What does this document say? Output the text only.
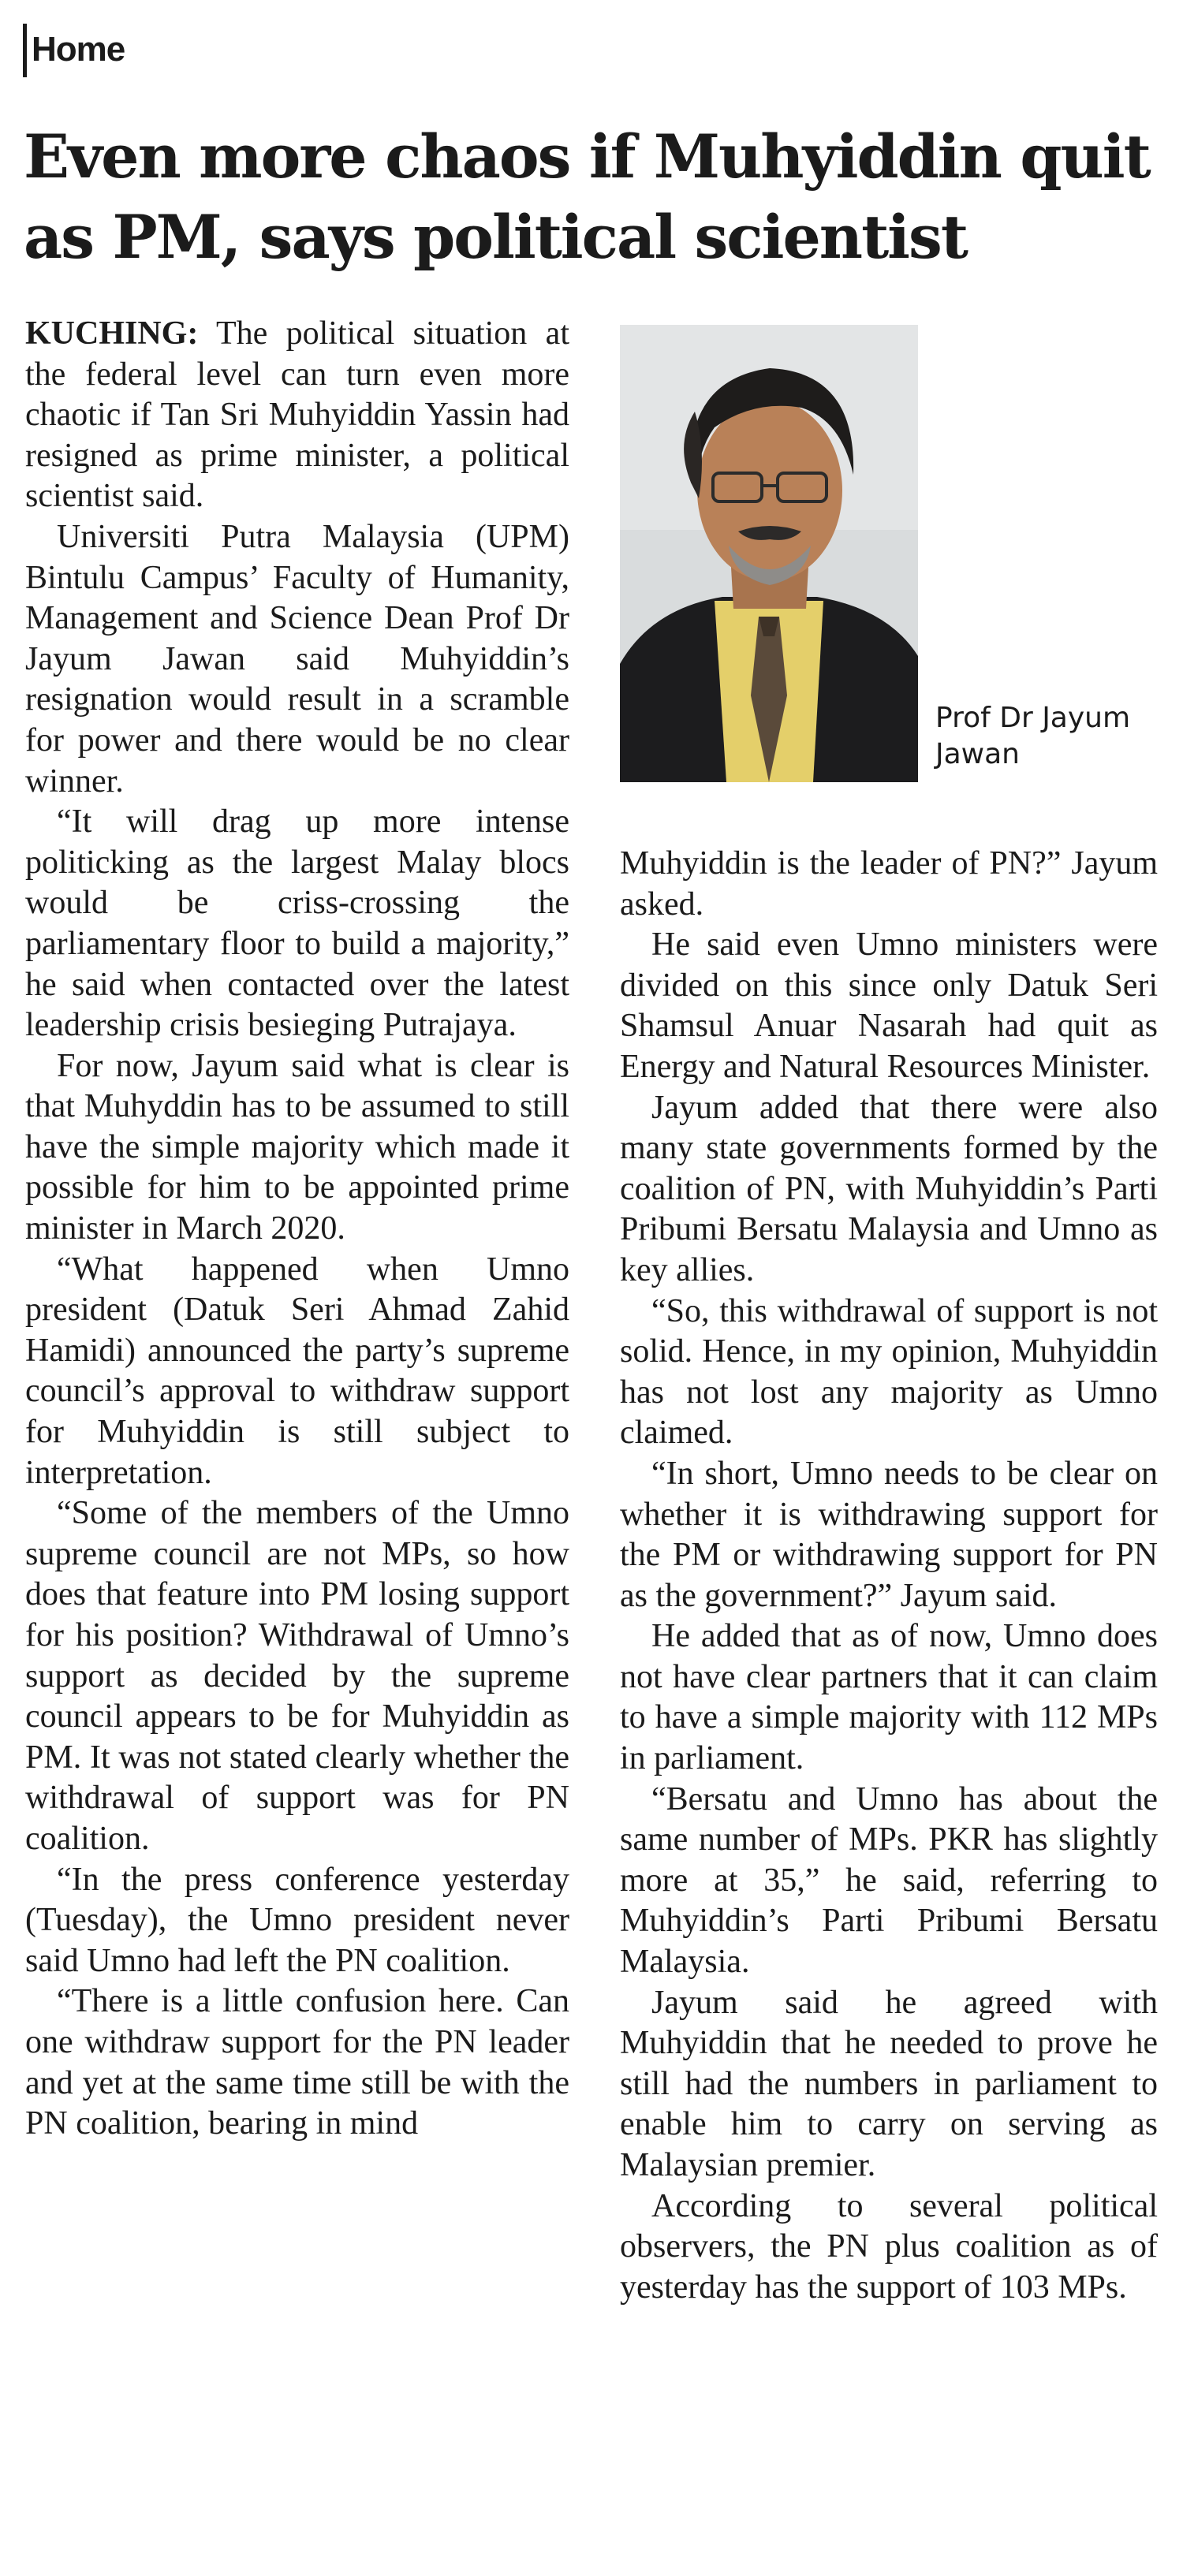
Home
Even more chaos if Muhyiddin quit as PM, says political scientist

KUCHING: The political situation at the federal level can turn even more chaotic if Tan Sri Muhyiddin Yassin had resigned as prime minister, a political scientist said.

Universiti Putra Malaysia (UPM) Bintulu Campus’ Faculty of Humanity, Management and Science Dean Prof Dr Jayum Jawan said Muhyiddin’s resignation would result in a scramble for power and there would be no clear winner.

“It will drag up more intense politicking as the largest Malay blocs would be criss-crossing the parliamentary floor to build a majority,” he said when contacted over the latest leadership crisis besieging Putrajaya.

For now, Jayum said what is clear is that Muhyddin has to be assumed to still have the simple majority which made it possible for him to be appointed prime minister in March 2020.

“What happened when Umno president (Datuk Seri Ahmad Zahid Hamidi) announced the party’s supreme council’s approval to withdraw support for Muhyiddin is still subject to interpretation.

“Some of the members of the Umno supreme council are not MPs, so how does that feature into PM losing support for his position? Withdrawal of Umno’s support as decided by the supreme council appears to be for Muhyiddin as PM. It was not stated clearly whether the withdrawal of support was for PN coalition.

“In the press conference yesterday (Tuesday), the Umno president never said Umno had left the PN coalition.

“There is a little confusion here. Can one withdraw support for the PN leader and yet at the same time still be with the PN coalition, bearing in mind

Prof Dr Jayum Jawan

Muhyiddin is the leader of PN?” Jayum asked.

He said even Umno ministers were divided on this since only Datuk Seri Shamsul Anuar Nasarah had quit as Energy and Natural Resources Minister.

Jayum added that there were also many state governments formed by the coalition of PN, with Muhyiddin’s Parti Pribumi Bersatu Malaysia and Umno as key allies.

“So, this withdrawal of support is not solid. Hence, in my opinion, Muhyiddin has not lost any majority as Umno claimed.

“In short, Umno needs to be clear on whether it is withdrawing support for the PM or withdrawing support for PN as the government?” Jayum said.

He added that as of now, Umno does not have clear partners that it can claim to have a simple majority with 112 MPs in parliament.

“Bersatu and Umno has about the same number of MPs. PKR has slightly more at 35,” he said, referring to Muhyiddin’s Parti Pribumi Bersatu Malaysia.

Jayum said he agreed with Muhyiddin that he needed to prove he still had the numbers in parliament to enable him to carry on serving as Malaysian premier.

According to several political observers, the PN plus coalition as of yesterday has the support of 103 MPs.
